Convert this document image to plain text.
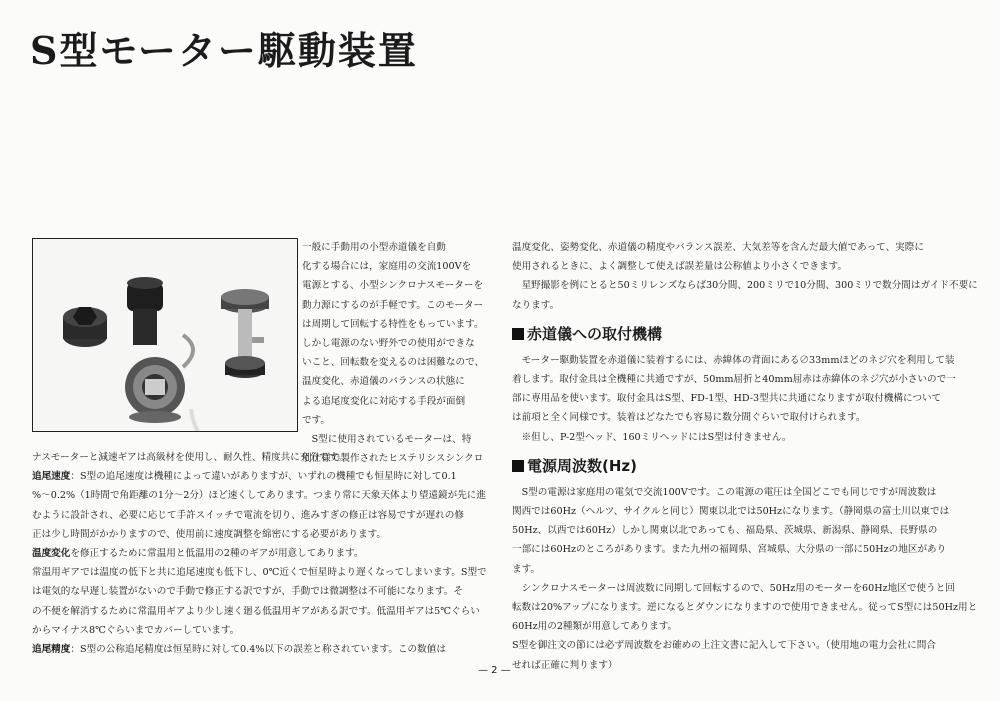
S型モーター駆動装置
一般に手動用の小型赤道儀を自動
化する場合には，家庭用の交流100Vを
電源とする、小型シンクロナスモーターを
動力源にするのが手軽です。このモーター
は周期して回転する特性をもっています。
しかし電源のない野外での使用ができな
いこと、回転数を変えるのは困難なので、
温度変化、赤道儀のバランスの状態に
よる追尾度変化に対応する手段が面倒
です。
　S型に使用されているモーターは、特
別仕様で製作されたヒステリシスシンクロ
ナスモーターと減速ギアは高級材を使用し、耐久性、精度共に充分です。
追尾速度：S型の追尾速度は機種によって違いがありますが、いずれの機種でも恒星時に対して0.1
%〜0.2%（1時間で角距離の1分〜2分）ほど速くしてあります。つまり常に天象天体より望遠鏡が先に進
むように設計され、必要に応じて手許スイッチで電流を切り、進みすぎの修正は容易ですが遅れの修
正は少し時間がかかりますので、使用前に速度調整を綿密にする必要があります。
温度変化を修正するために常温用と低温用の2種のギアが用意してあります。
常温用ギアでは温度の低下と共に追尾速度も低下し、0℃近くで恒星時より遅くなってしまいます。S型で
は電気的な早遅し装置がないので手動で修正する訳ですが、手動では微調整は不可能になります。そ
の不便を解消するために常温用ギアより少し速く廻る低温用ギアがある訳です。低温用ギアは5℃ぐらい
からマイナス8℃ぐらいまでカバーしています。
追尾精度：S型の公称追尾精度は恒星時に対して0.4%以下の誤差と称されています。この数値は
温度変化、姿勢変化、赤道儀の精度やバランス誤差、大気差等を含んだ最大値であって、実際に
使用されるときに、よく調整して使えば誤差量は公称値より小さくできます。
　星野撮影を例にとると50ミリレンズならば30分間、200ミリで10分間、300ミリで数分間はガイド不要に
なります。
赤道儀への取付機構
　モーター駆動装置を赤道儀に装着するには、赤緯体の背面にある∅33mmほどのネジ穴を利用して装
着します。取付金具は全機種に共通ですが、50mm屈折と40mm屈赤は赤緯体のネジ穴が小さいので一
部に専用品を使います。取付金具はS型、FD-1型、HD-3型共に共通になりますが取付機構について
は前項と全く同様です。装着はどなたでも容易に数分間ぐらいで取付けられます。
　※但し、P-2型ヘッド、160ミリヘッドにはS型は付きません。
電源周波数(Hz)
　S型の電源は家庭用の電気で交流100Vです。この電源の電圧は全国どこでも同じですが周波数は
関西では60Hz（ヘルツ、サイクルと同じ）関東以北では50Hzになります。（静岡県の富士川以東では
50Hz、以西では60Hz）しかし関東以北であっても、福島県、茨城県、新潟県、静岡県、長野県の
一部には60Hzのところがあります。また九州の福岡県、宮城県、大分県の一部に50Hzの地区があり
ます。
　シンクロナスモーターは周波数に同期して回転するので、50Hz用のモーターを60Hz地区で使うと回
転数は20%アップになります。逆になるとダウンになりますので使用できません。従ってS型には50Hz用と
60Hz用の2種類が用意してあります。
S型を御注文の節には必ず周波数をお確めの上注文書に記入して下さい。（使用地の電力会社に問合
せれば正確に判ります）
— 2 —
